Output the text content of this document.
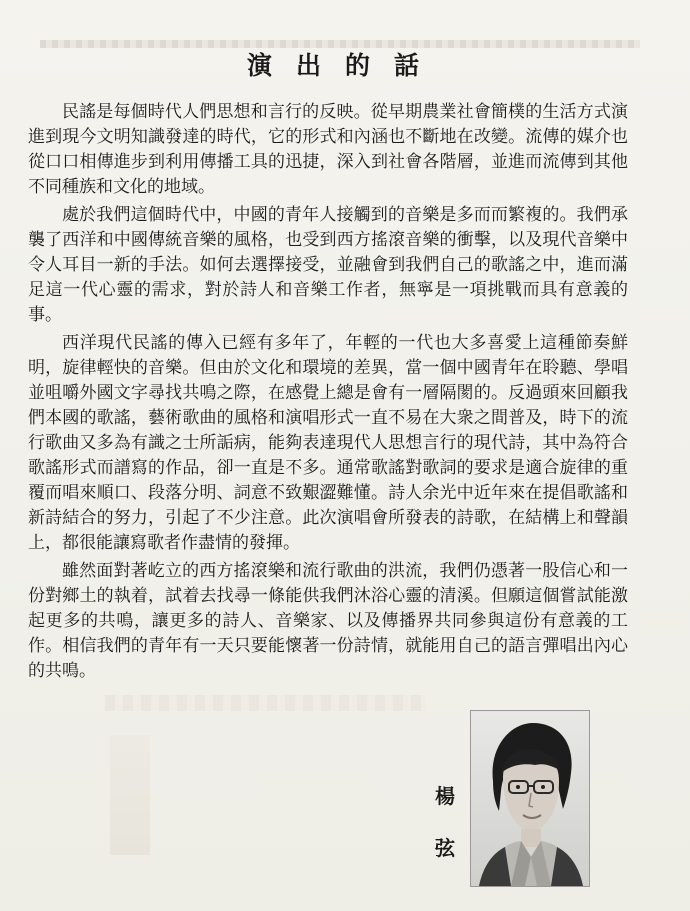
演出的話

民謠是每個時代人們思想和言行的反映。從早期農業社會簡樸的生活方式演進到現今文明知識發達的時代，它的形式和內涵也不斷地在改變。流傳的媒介也從口口相傳進步到利用傳播工具的迅捷，深入到社會各階層，並進而流傳到其他不同種族和文化的地域。

處於我們這個時代中，中國的青年人接觸到的音樂是多而而繁複的。我們承襲了西洋和中國傳統音樂的風格，也受到西方搖滾音樂的衝擊，以及現代音樂中令人耳目一新的手法。如何去選擇接受，並融會到我們自己的歌謠之中，進而滿足這一代心靈的需求，對於詩人和音樂工作者，無寧是一項挑戰而具有意義的事。

西洋現代民謠的傳入已經有多年了，年輕的一代也大多喜愛上這種節奏鮮明，旋律輕快的音樂。但由於文化和環境的差異，當一個中國青年在聆聽、學唱並咀嚼外國文字尋找共鳴之際，在感覺上總是會有一層隔閡的。反過頭來回顧我們本國的歌謠，藝術歌曲的風格和演唱形式一直不易在大衆之間普及，時下的流行歌曲又多為有識之士所詬病，能夠表達現代人思想言行的現代詩，其中為符合歌謠形式而譜寫的作品，卻一直是不多。通常歌謠對歌詞的要求是適合旋律的重覆而唱來順口、段落分明、詞意不致艱澀難懂。詩人余光中近年來在提倡歌謠和新詩結合的努力，引起了不少注意。此次演唱會所發表的詩歌，在結構上和聲韻上，都很能讓寫歌者作盡情的發揮。

雖然面對著屹立的西方搖滾樂和流行歌曲的洪流，我們仍憑著一股信心和一份對鄉土的執着，試着去找尋一條能供我們沐浴心靈的清溪。但願這個嘗試能激起更多的共鳴，讓更多的詩人、音樂家、以及傳播界共同參與這份有意義的工作。相信我們的青年有一天只要能懷著一份詩情，就能用自己的語言彈唱出內心的共鳴。

楊弦
